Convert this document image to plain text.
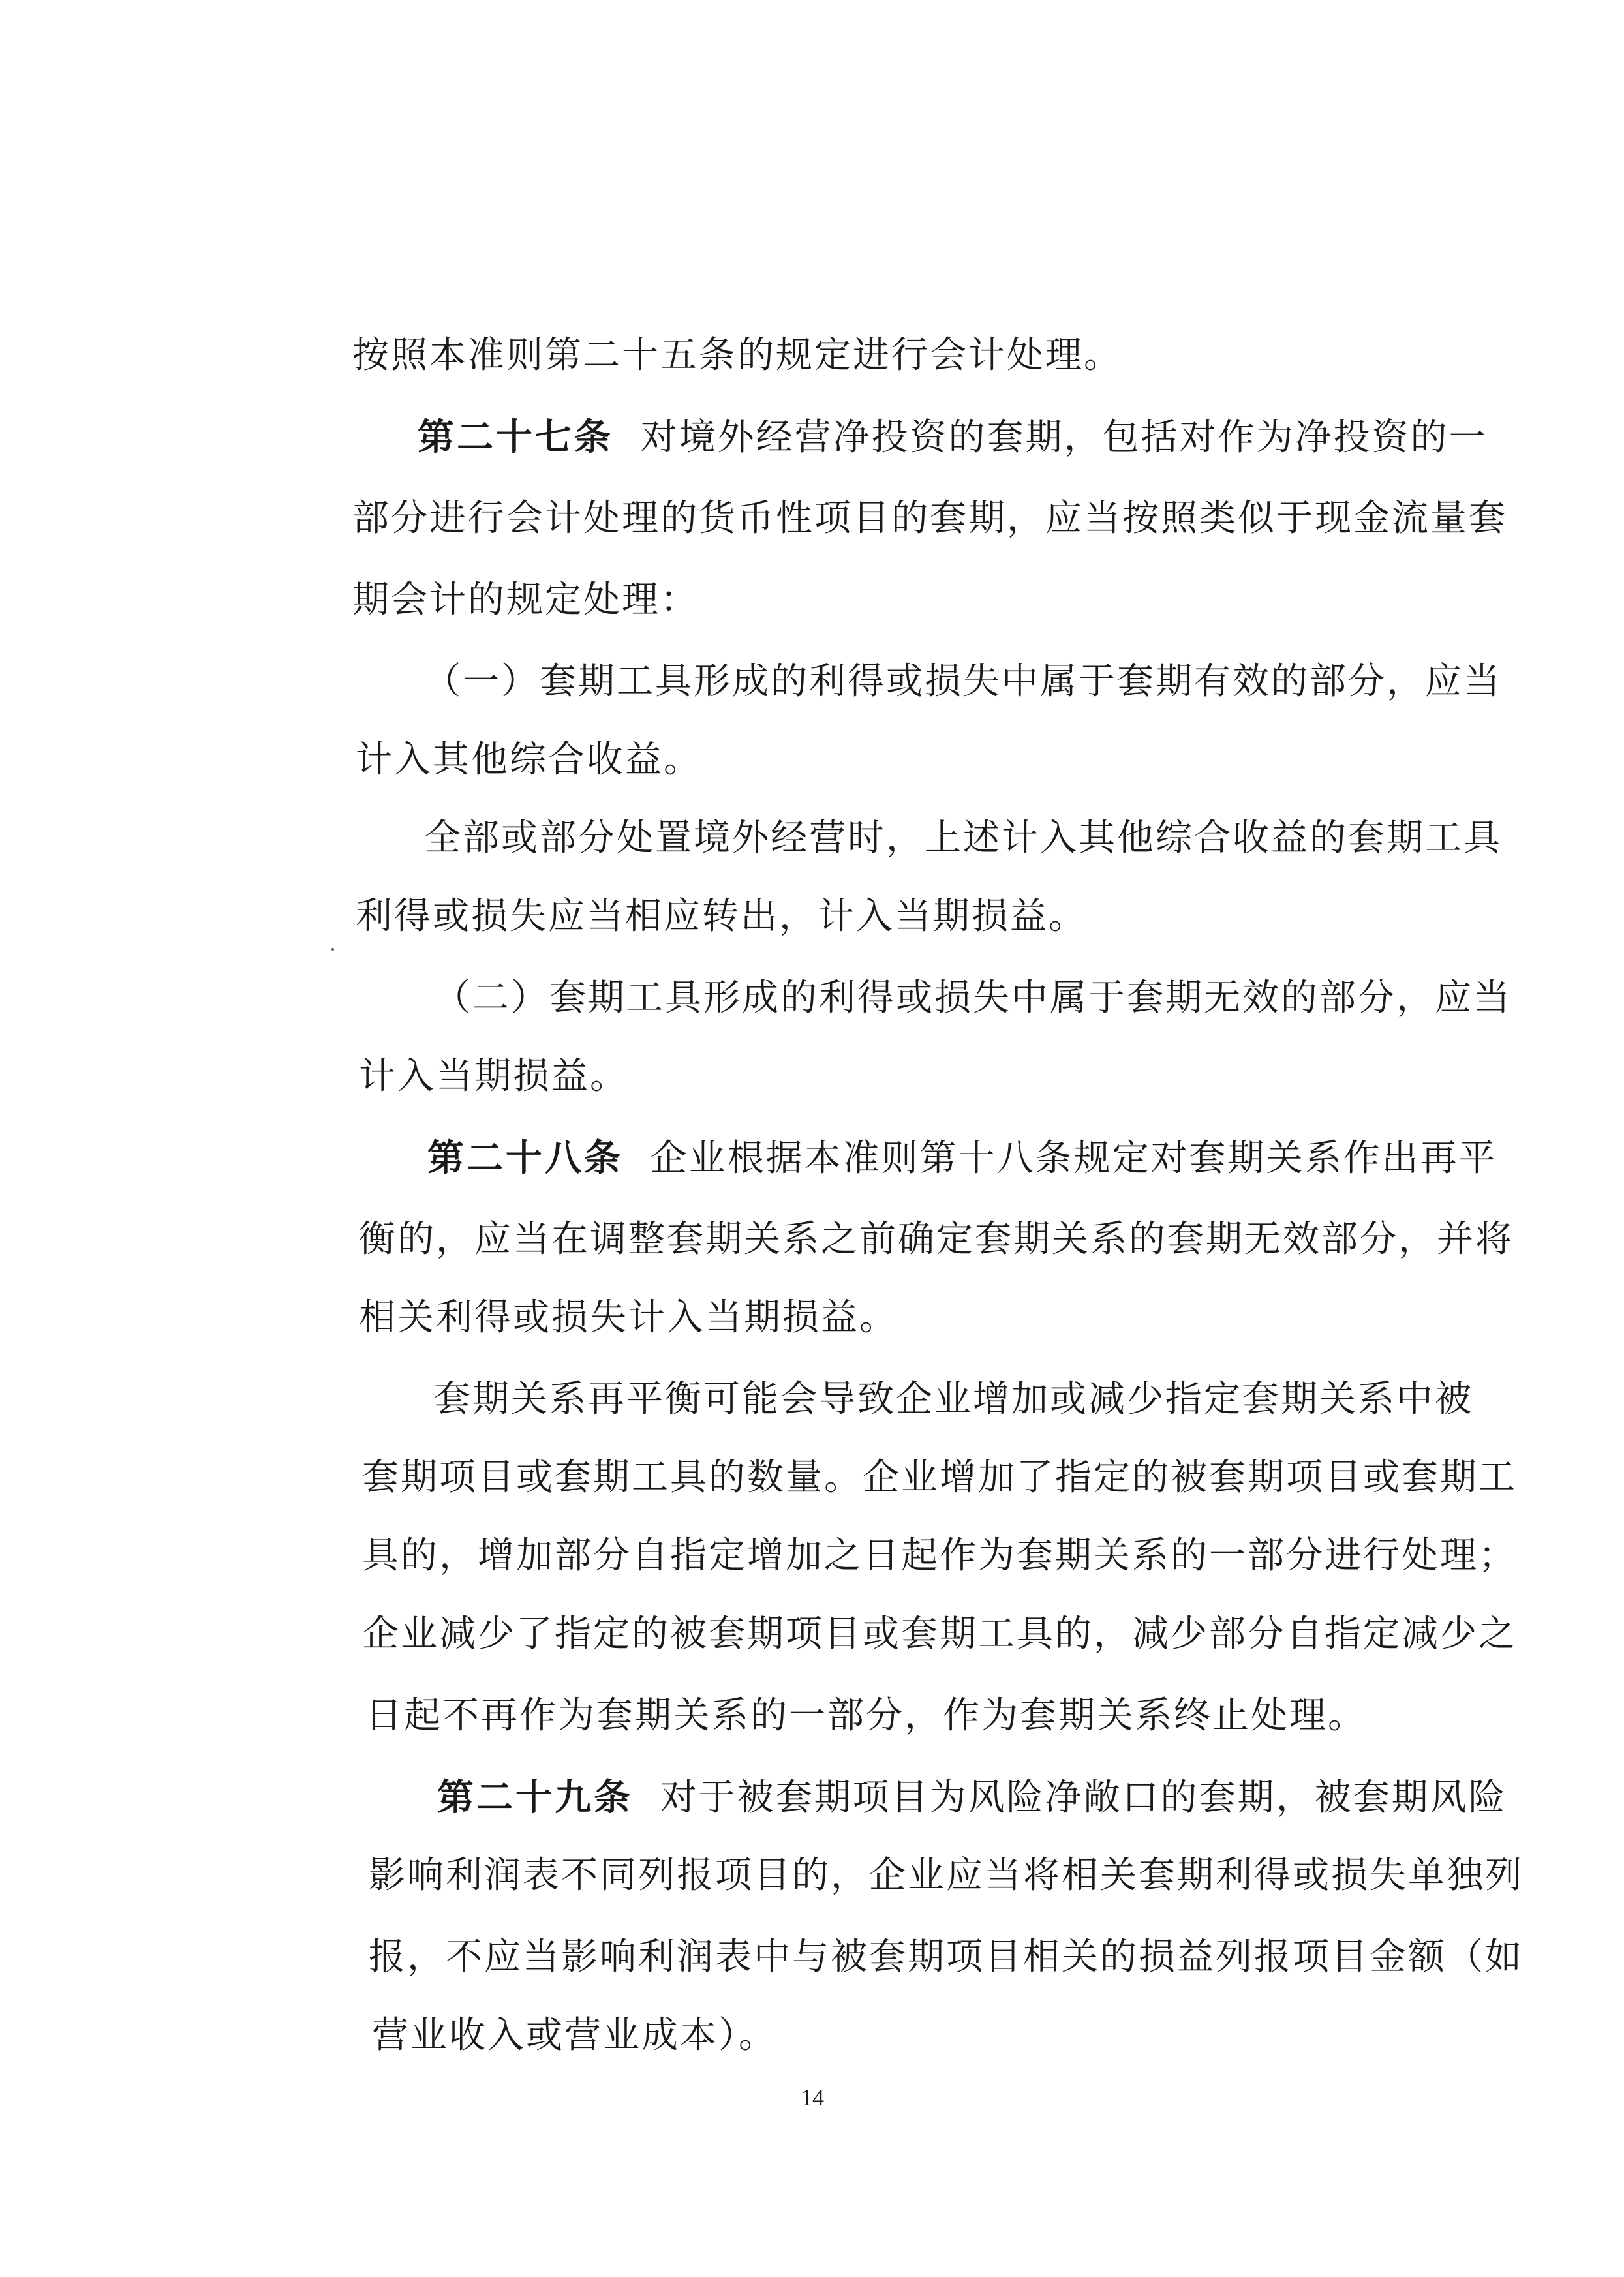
按照本准则第二十五条的规定进行会计处理。

第二十七条 对境外经营净投资的套期，包括对作为净投资的一

部分进行会计处理的货币性项目的套期，应当按照类似于现金流量套

期会计的规定处理：

（一）套期工具形成的利得或损失中属于套期有效的部分，应当

计入其他综合收益。

全部或部分处置境外经营时，上述计入其他综合收益的套期工具

利得或损失应当相应转出，计入当期损益。

（二）套期工具形成的利得或损失中属于套期无效的部分，应当

计入当期损益。

第二十八条 企业根据本准则第十八条规定对套期关系作出再平

衡的，应当在调整套期关系之前确定套期关系的套期无效部分，并将

相关利得或损失计入当期损益。

套期关系再平衡可能会导致企业增加或减少指定套期关系中被

套期项目或套期工具的数量。企业增加了指定的被套期项目或套期工

具的，增加部分自指定增加之日起作为套期关系的一部分进行处理；

企业减少了指定的被套期项目或套期工具的，减少部分自指定减少之

日起不再作为套期关系的一部分，作为套期关系终止处理。

第二十九条 对于被套期项目为风险净敞口的套期，被套期风险

影响利润表不同列报项目的，企业应当将相关套期利得或损失单独列

报，不应当影响利润表中与被套期项目相关的损益列报项目金额（如

营业收入或营业成本）。

14
